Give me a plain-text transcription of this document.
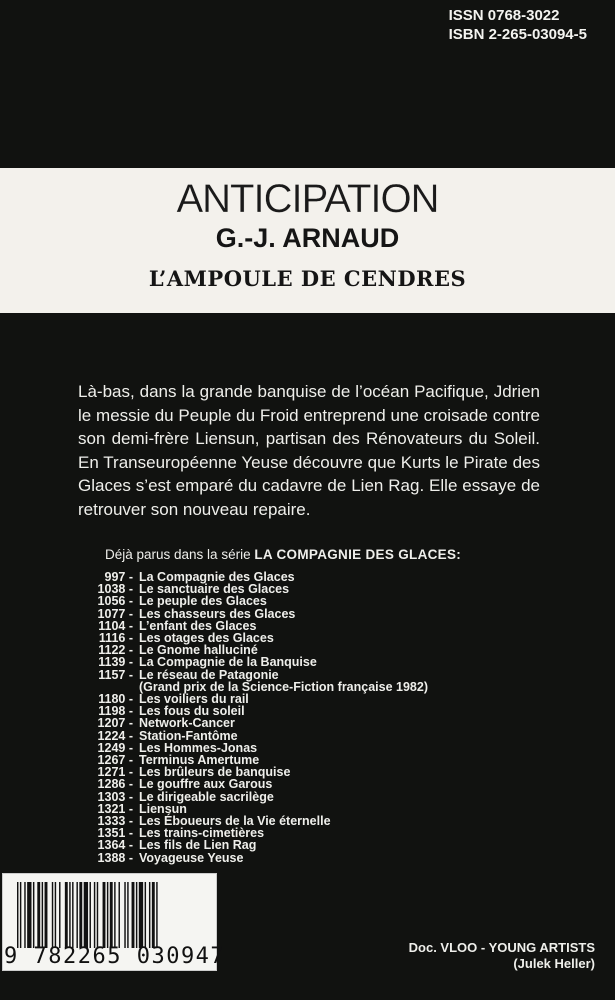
ISSN 0768-3022
ISBN 2-265-03094-5
ANTICIPATION
G.-J. ARNAUD
L’AMPOULE DE CENDRES
Là-bas, dans la grande banquise de l’océan Pacifique, Jdrien le messie du Peuple du Froid entreprend une croisade contre son demi-frère Liensun, partisan des Rénovateurs du Soleil. En Transeuropéenne Yeuse découvre que Kurts le Pirate des Glaces s’est emparé du cadavre de Lien Rag. Elle essaye de retrouver son nouveau repaire.
Déjà parus dans la série LA COMPAGNIE DES GLACES:
997 - La Compagnie des Glaces
1038 - Le sanctuaire des Glaces
1056 - Le peuple des Glaces
1077 - Les chasseurs des Glaces
1104 - L’enfant des Glaces
1116 - Les otages des Glaces
1122 - Le Gnome halluciné
1139 - La Compagnie de la Banquise
1157 - Le réseau de Patagonie
(Grand prix de la Science-Fiction française 1982)
1180 - Les voiliers du rail
1198 - Les fous du soleil
1207 - Network-Cancer
1224 - Station-Fantôme
1249 - Les Hommes-Jonas
1267 - Terminus Amertume
1271 - Les brûleurs de banquise
1286 - Le gouffre aux Garous
1303 - Le dirigeable sacrilège
1321 - Liensun
1333 - Les Éboueurs de la Vie éternelle
1351 - Les trains-cimetières
1364 - Les fils de Lien Rag
1388 - Voyageuse Yeuse
9 782265 030947	Doc. VLOO - YOUNG ARTISTS
(Julek Heller)
